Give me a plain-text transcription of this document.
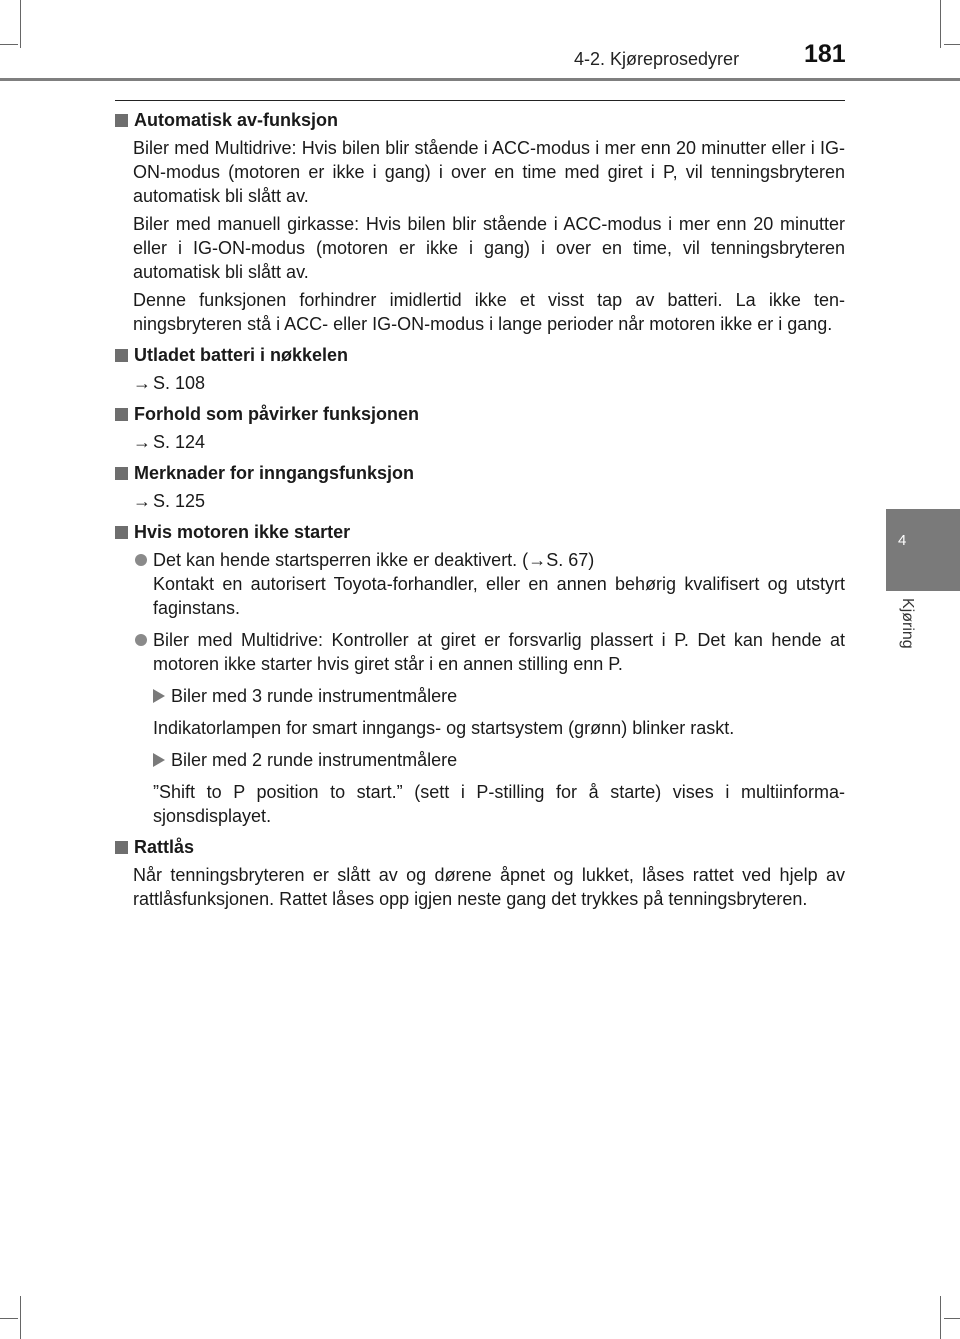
4-2. Kjøreprosedyrer	181
4
Kjøring
Automatisk av-funksjon
Biler med Multidrive: Hvis bilen blir stående i ACC-modus i mer enn 20 minutter eller i IG-ON-modus (motoren er ikke i gang) i over en time med giret i P, vil tenningsbryteren automatisk bli slått av.
Biler med manuell girkasse: Hvis bilen blir stående i ACC-modus i mer enn 20 minutter eller i IG-ON-modus (motoren er ikke i gang) i over en time, vil tenningsbryteren automatisk bli slått av.
Denne funksjonen forhindrer imidlertid ikke et visst tap av batteri. La ikke tenningsbryteren stå i ACC- eller IG-ON-modus i lange perioder når motoren ikke er i gang.
Utladet batteri i nøkkelen
→ S. 108
Forhold som påvirker funksjonen
→ S. 124
Merknader for inngangsfunksjon
→ S. 125
Hvis motoren ikke starter
Det kan hende startsperren ikke er deaktivert. (→S. 67)
Kontakt en autorisert Toyota-forhandler, eller en annen behørig kvalifisert og utstyrt faginstans.
Biler med Multidrive: Kontroller at giret er forsvarlig plassert i P. Det kan hende at motoren ikke starter hvis giret står i en annen stilling enn P.
Biler med 3 runde instrumentmålere
Indikatorlampen for smart inngangs- og startsystem (grønn) blinker raskt.
Biler med 2 runde instrumentmålere
”Shift to P position to start.” (sett i P-stilling for å starte) vises i multiinformasjonsdisplayet.
Rattlås
Når tenningsbryteren er slått av og dørene åpnet og lukket, låses rattet ved hjelp av rattlåsfunksjonen. Rattet låses opp igjen neste gang det trykkes på tenningsbryteren.
